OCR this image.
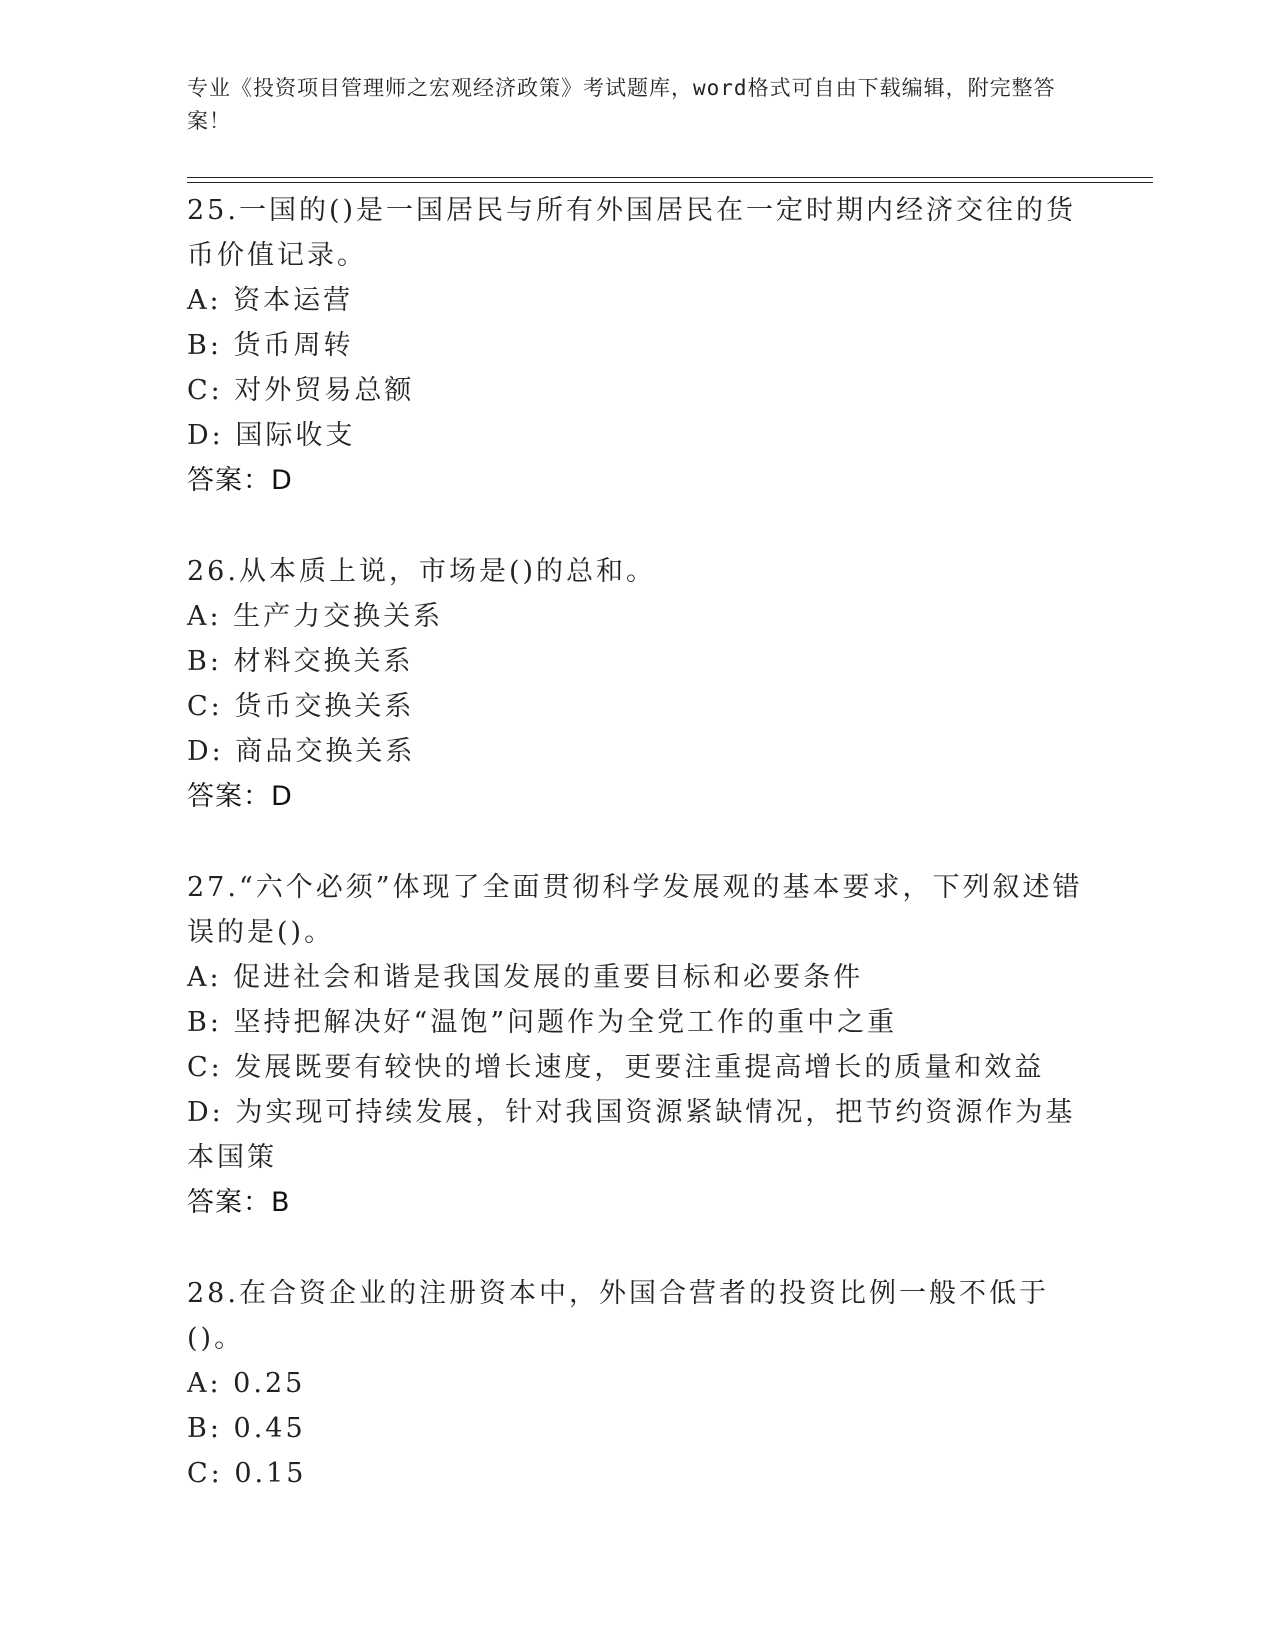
专业《投资项目管理师之宏观经济政策》考试题库，word格式可自由下载编辑，附完整答案！

25.一国的()是一国居民与所有外国居民在一定时期内经济交往的货币价值记录。

A: 资本运营

B: 货币周转

C: 对外贸易总额

D: 国际收支

答案：D

26.从本质上说，市场是()的总和。

A: 生产力交换关系

B: 材料交换关系

C: 货币交换关系

D: 商品交换关系

答案：D

27.“六个必须”体现了全面贯彻科学发展观的基本要求，下列叙述错误的是()。

A: 促进社会和谐是我国发展的重要目标和必要条件

B: 坚持把解决好“温饱”问题作为全党工作的重中之重

C: 发展既要有较快的增长速度，更要注重提高增长的质量和效益

D: 为实现可持续发展，针对我国资源紧缺情况，把节约资源作为基本国策

答案：B

28.在合资企业的注册资本中，外国合营者的投资比例一般不低于()。

A: 0.25

B: 0.45

C: 0.15
